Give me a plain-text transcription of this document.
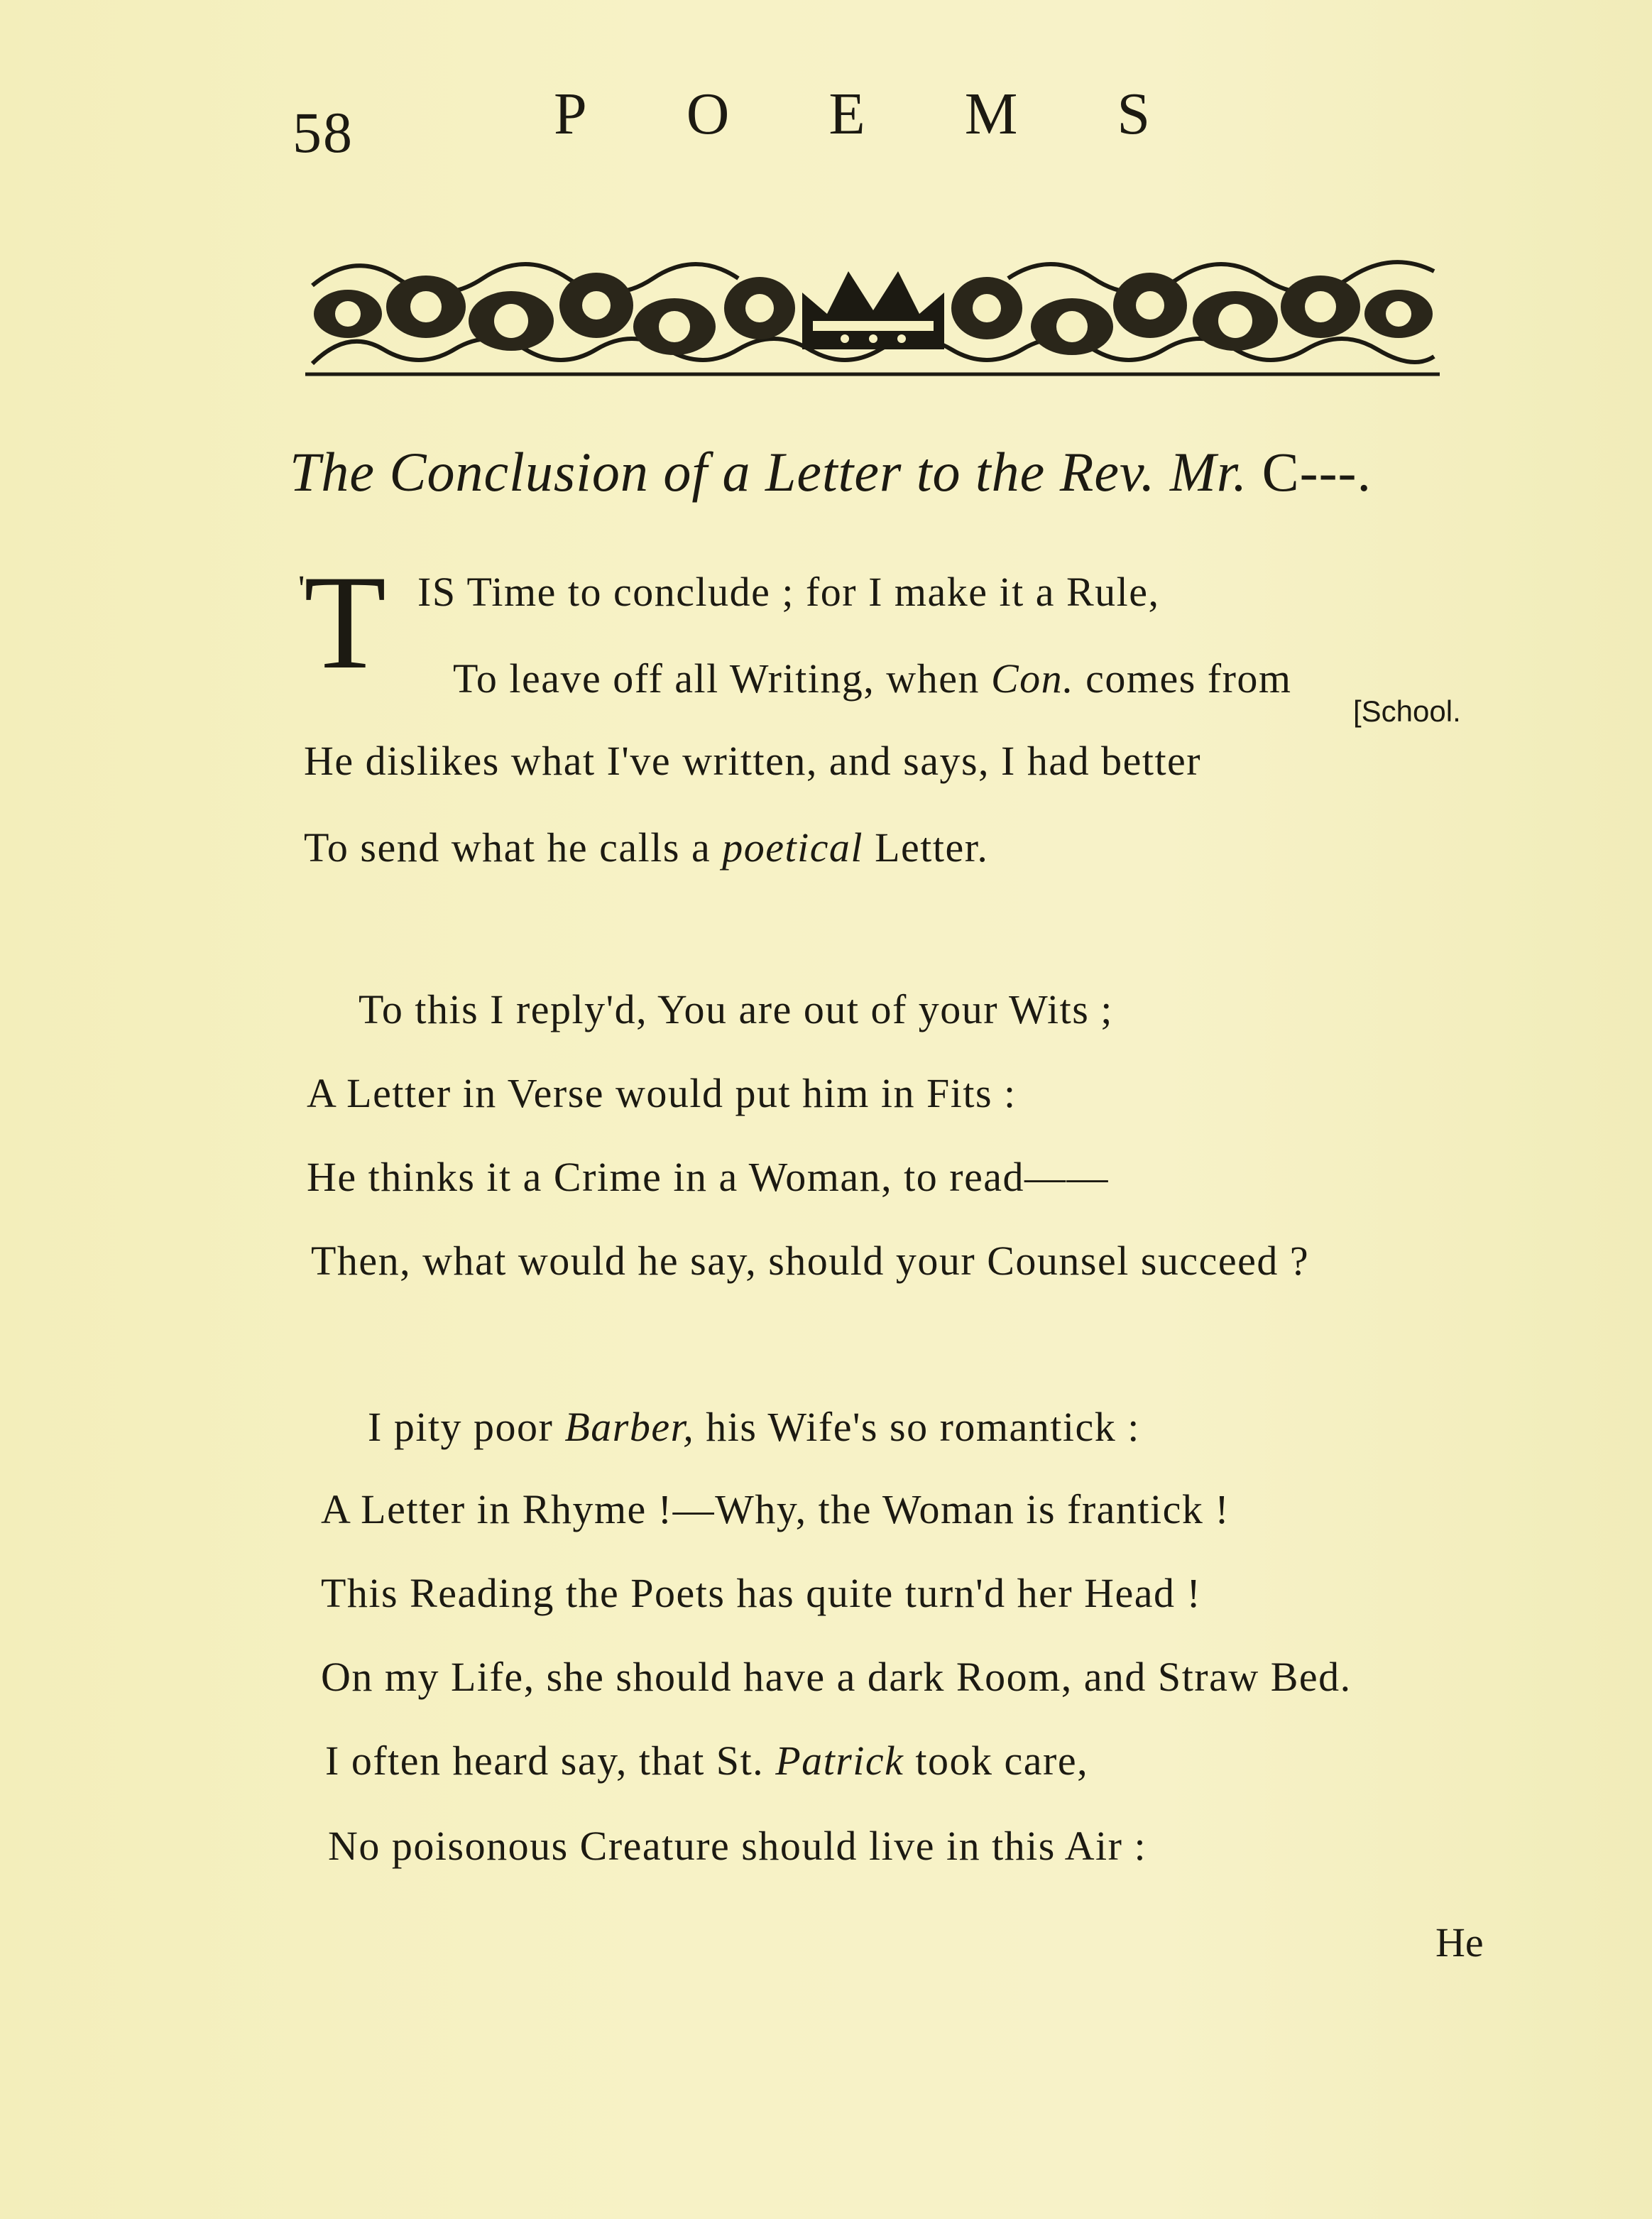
58	POEMS
The Conclusion of a Letter to the Rev. Mr. C---.
'
T IS Time to conclude ; for I make it a Rule,
To leave off all Writing, when Con. comes from
[School.
He dislikes what I've written, and says, I had better
To send what he calls a poetical Letter.
To this I reply'd, You are out of your Wits ;
A Letter in Verse would put him in Fits :
He thinks it a Crime in a Woman, to read——
Then, what would he say, should your Counsel succeed ?
I pity poor Barber, his Wife's so romantick :
A Letter in Rhyme !—Why, the Woman is frantick !
This Reading the Poets has quite turn'd her Head !
On my Life, she should have a dark Room, and Straw Bed.
I often heard say, that St. Patrick took care,
No poisonous Creature should live in this Air :
He
